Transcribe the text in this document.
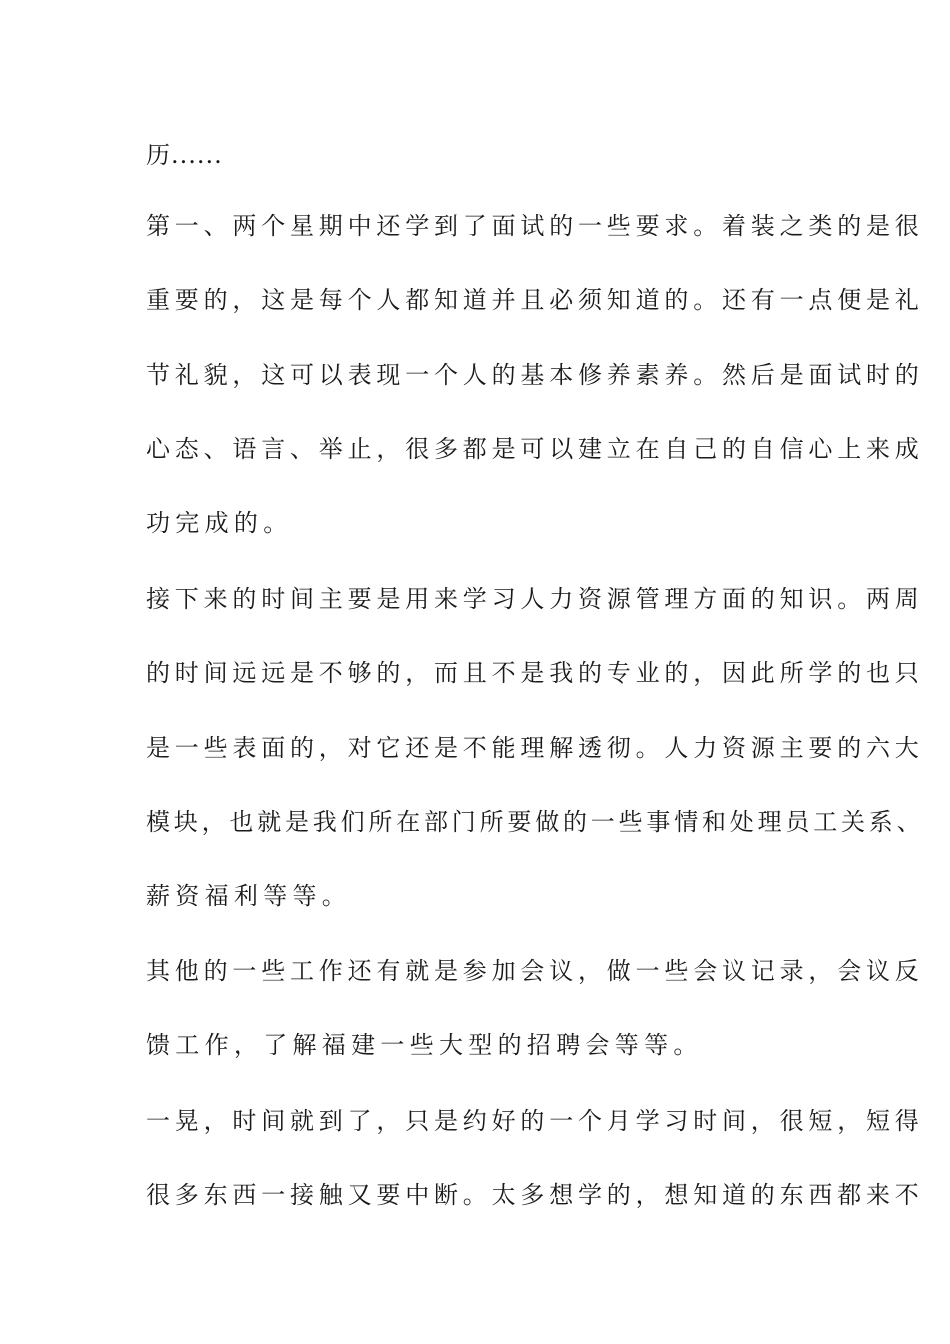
历......

第一、两个星期中还学到了面试的一些要求。着装之类的是很

重要的，这是每个人都知道并且必须知道的。还有一点便是礼

节礼貌，这可以表现一个人的基本修养素养。然后是面试时的

心态、语言、举止，很多都是可以建立在自己的自信心上来成

功完成的。

接下来的时间主要是用来学习人力资源管理方面的知识。两周

的时间远远是不够的，而且不是我的专业的，因此所学的也只

是一些表面的，对它还是不能理解透彻。人力资源主要的六大

模块，也就是我们所在部门所要做的一些事情和处理员工关系、

薪资福利等等。

其他的一些工作还有就是参加会议，做一些会议记录，会议反

馈工作，了解福建一些大型的招聘会等等。

一晃，时间就到了，只是约好的一个月学习时间，很短，短得

很多东西一接触又要中断。太多想学的，想知道的东西都来不
